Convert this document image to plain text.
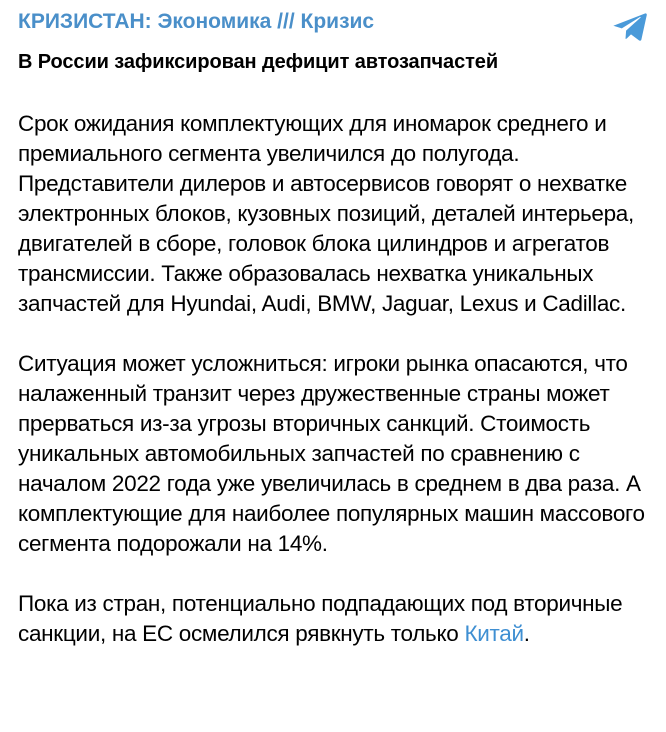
КРИЗИСТАН: Экономика /// Кризис
В России зафиксирован дефицит автозапчастей

Срок ожидания комплектующих для иномарок среднего и премиального сегмента увеличился до полугода. Представители дилеров и автосервисов говорят о нехватке электронных блоков, кузовных позиций, деталей интерьера, двигателей в сборе, головок блока цилиндров и агрегатов трансмиссии. Также образовалась нехватка уникальных запчастей для Hyundai, Audi, BMW, Jaguar, Lexus и Cadillac.

Ситуация может усложниться: игроки рынка опасаются, что налаженный транзит через дружественные страны может прерваться из-за угрозы вторичных санкций. Стоимость уникальных автомобильных запчастей по сравнению с началом 2022 года уже увеличилась в среднем в два раза. А комплектующие для наиболее популярных машин массового сегмента подорожали на 14%.

Пока из стран, потенциально подпадающих под вторичные санкции, на ЕС осмелился рявкнуть только Китай.
